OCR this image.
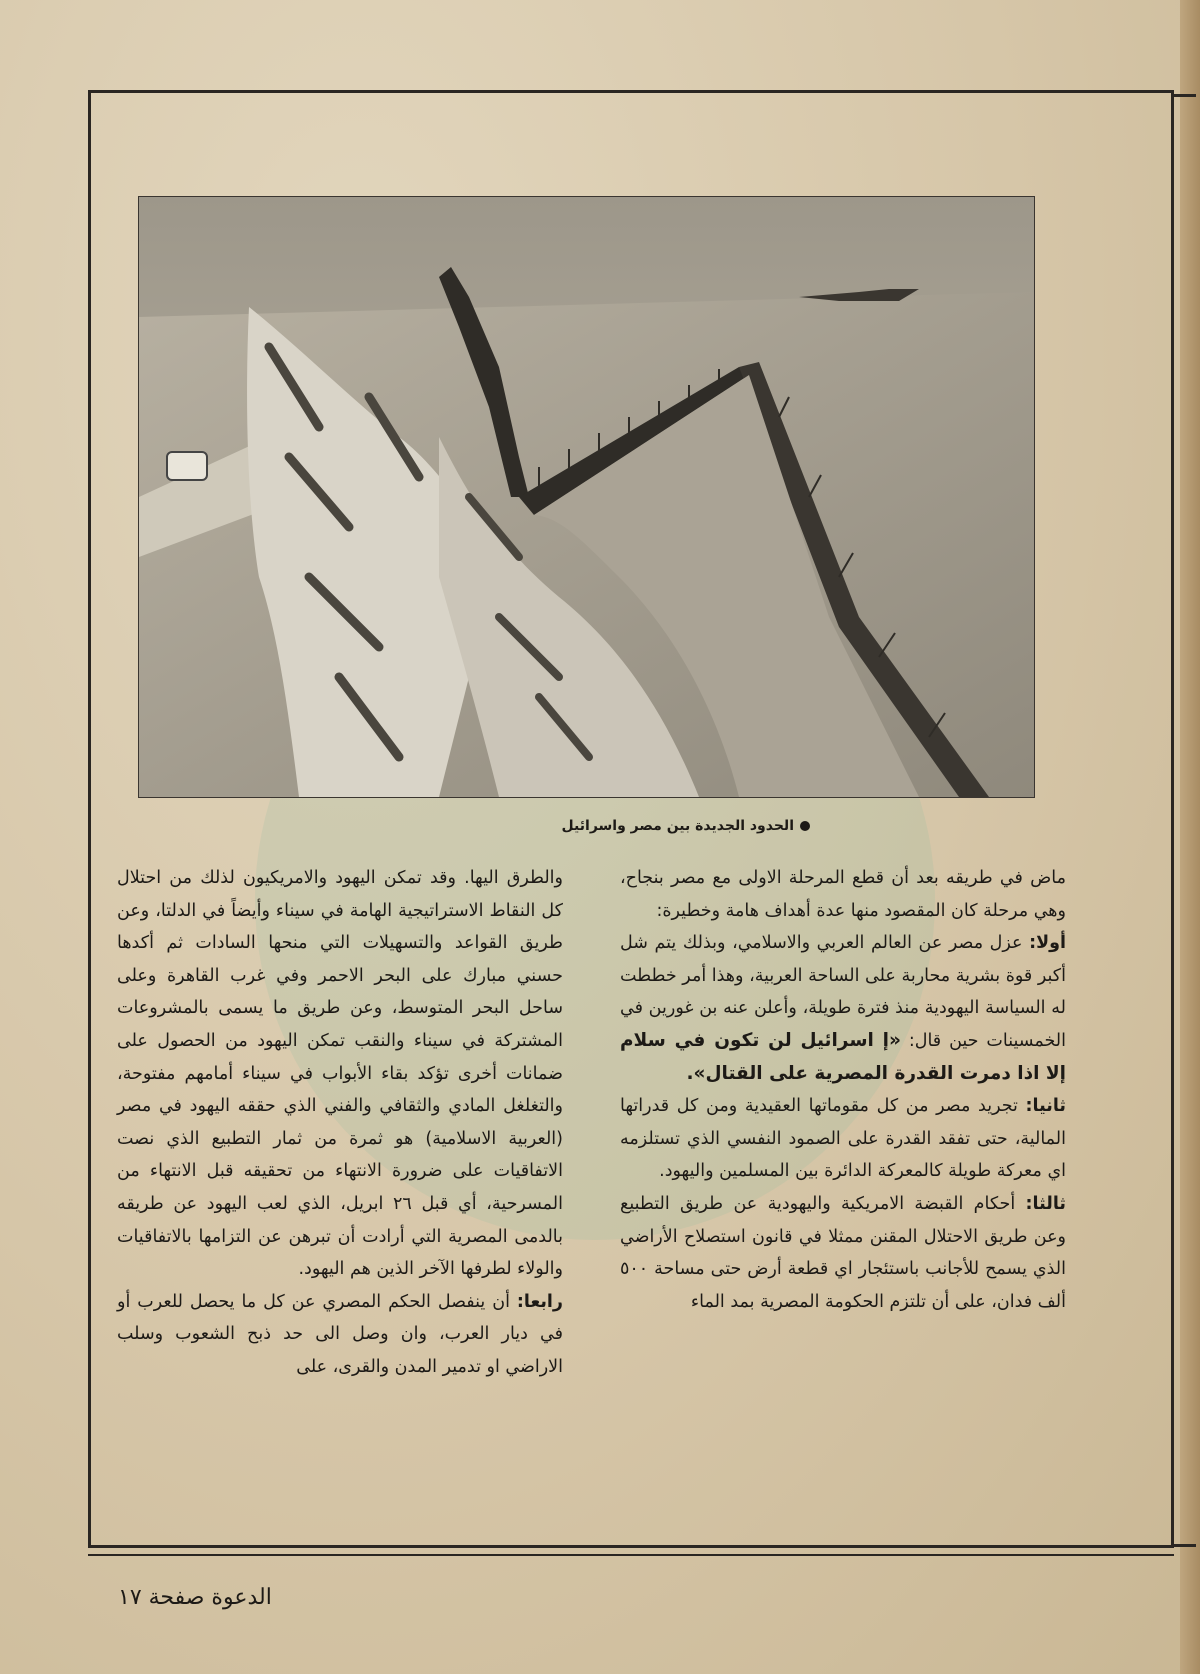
الحدود الجديدة بين مصر واسرائيل

ماض في طريقه بعد أن قطع المرحلة الاولى مع مصر بنجاح، وهي مرحلة كان المقصود منها عدة أهداف هامة وخطيرة:

أولا: عزل مصر عن العالم العربي والاسلامي، وبذلك يتم شل أكبر قوة بشرية محاربة على الساحة العربية، وهذا أمر خططت له السياسة اليهودية منذ فترة طويلة، وأعلن عنه بن غورين في الخمسينات حين قال: «إ اسرائيل لن تكون في سلام إلا اذا دمرت القدرة المصرية على القتال».

ثانيا: تجريد مصر من كل مقوماتها العقيدية ومن كل قدراتها المالية، حتى تفقد القدرة على الصمود النفسي الذي تستلزمه اي معركة طويلة كالمعركة الدائرة بين المسلمين واليهود.

ثالثا: أحكام القبضة الامريكية واليهودية عن طريق التطبيع وعن طريق الاحتلال المقنن ممثلا في قانون استصلاح الأراضي الذي يسمح للأجانب باستئجار اي قطعة أرض حتى مساحة ٥٠٠ ألف فدان، على أن تلتزم الحكومة المصرية بمد الماء

والطرق اليها. وقد تمكن اليهود والامريكيون لذلك من احتلال كل النقاط الاستراتيجية الهامة في سيناء وأيضاً في الدلتا، وعن طريق القواعد والتسهيلات التي منحها السادات ثم أكدها حسني مبارك على البحر الاحمر وفي غرب القاهرة وعلى ساحل البحر المتوسط، وعن طريق ما يسمى بالمشروعات المشتركة في سيناء والنقب تمكن اليهود من الحصول على ضمانات أخرى تؤكد بقاء الأبواب في سيناء أمامهم مفتوحة، والتغلغل المادي والثقافي والفني الذي حققه اليهود في مصر (العربية الاسلامية) هو ثمرة من ثمار التطبيع الذي نصت الاتفاقيات على ضرورة الانتهاء من تحقيقه قبل الانتهاء من المسرحية، أي قبل ٢٦ ابريل، الذي لعب اليهود عن طريقه بالدمى المصرية التي أرادت أن تبرهن عن التزامها بالاتفاقيات والولاء لطرفها الآخر الذين هم اليهود.

رابعا: أن ينفصل الحكم المصري عن كل ما يحصل للعرب أو في ديار العرب، وان وصل الى حد ذبح الشعوب وسلب الاراضي او تدمير المدن والقرى، على

الدعوة صفحة ١٧
